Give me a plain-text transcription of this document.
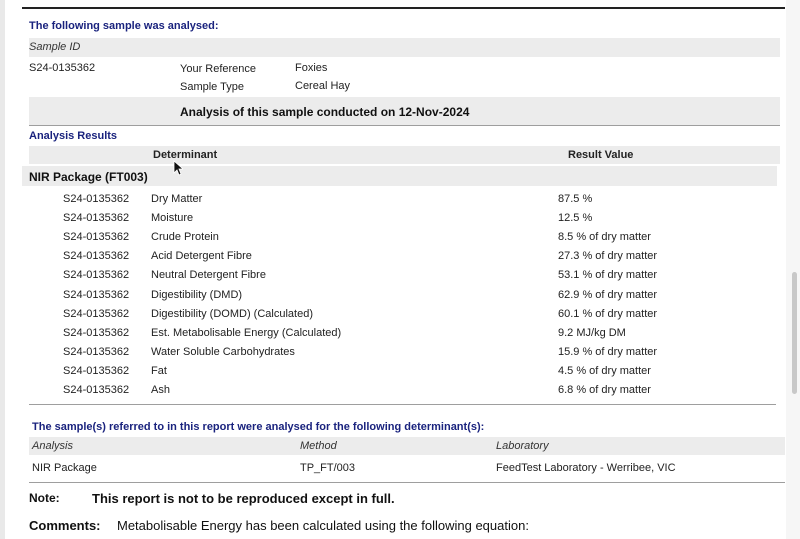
The following sample was analysed:
Sample ID
S24-0135362	Your Reference	Foxies
Sample Type	Cereal Hay
Analysis of this sample conducted on 12-Nov-2024
Analysis Results
Determinant	Result Value
NIR Package (FT003)
S24-0135362 Dry Matter	87.5 %
S24-0135362 Moisture	12.5 %
S24-0135362 Crude Protein	8.5 % of dry matter
S24-0135362 Acid Detergent Fibre	27.3 % of dry matter
S24-0135362 Neutral Detergent Fibre	53.1 % of dry matter
S24-0135362 Digestibility (DMD)	62.9 % of dry matter
S24-0135362 Digestibility (DOMD) (Calculated)	60.1 % of dry matter
S24-0135362 Est. Metabolisable Energy (Calculated)	9.2 MJ/kg DM
S24-0135362 Water Soluble Carbohydrates	15.9 % of dry matter
S24-0135362 Fat	4.5 % of dry matter
S24-0135362 Ash	6.8 % of dry matter
The sample(s) referred to in this report were analysed for the following determinant(s):
Analysis	Method	Laboratory
NIR Package	TP_FT/003	FeedTest Laboratory - Werribee, VIC
Note: This report is not to be reproduced except in full.
Comments: Metabolisable Energy has been calculated using the following equation:
